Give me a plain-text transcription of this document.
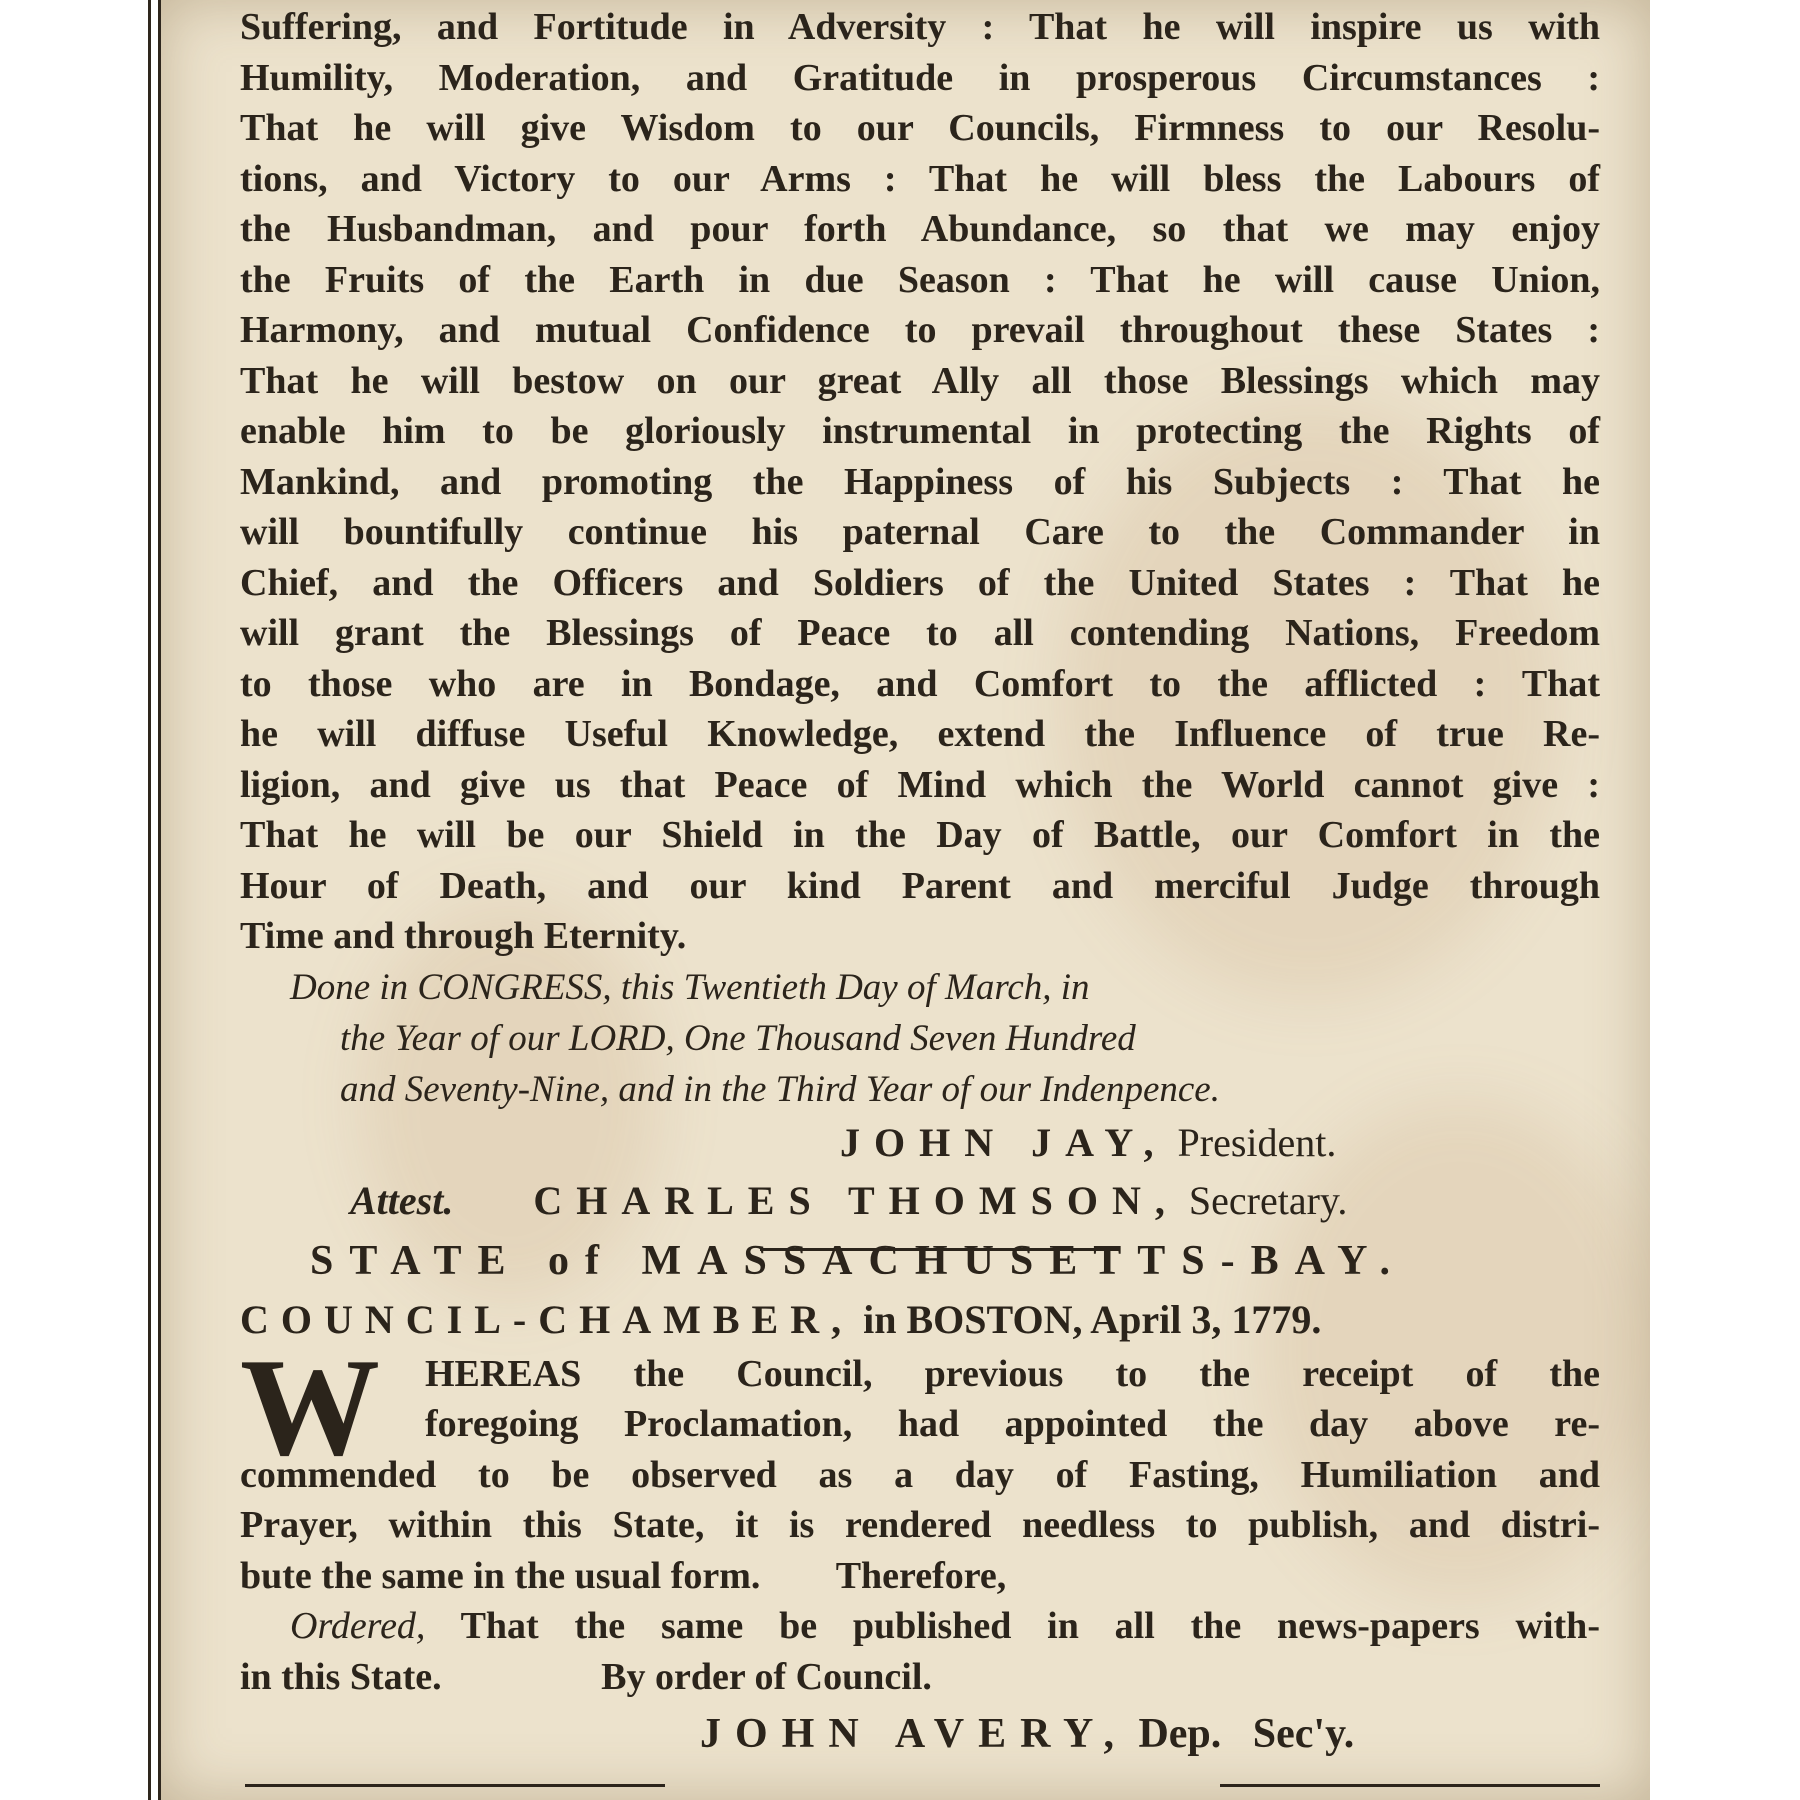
Suffering, and Fortitude in Adversity : That he will inspire us with
Humility, Moderation, and Gratitude in prosperous Circumstances :
That he will give Wisdom to our Councils, Firmness to our Resolu-
tions, and Victory to our Arms : That he will bless the Labours of
the Husbandman, and pour forth Abundance, so that we may enjoy
the Fruits of the Earth in due Season : That he will cause Union,
Harmony, and mutual Confidence to prevail throughout these States :
That he will bestow on our great Ally all those Blessings which may
enable him to be gloriously instrumental in protecting the Rights of
Mankind, and promoting the Happiness of his Subjects : That he
will bountifully continue his paternal Care to the Commander in
Chief, and the Officers and Soldiers of the United States : That he
will grant the Blessings of Peace to all contending Nations, Freedom
to those who are in Bondage, and Comfort to the afflicted : That
he will diffuse Useful Knowledge, extend the Influence of true Re-
ligion, and give us that Peace of Mind which the World cannot give :
That he will be our Shield in the Day of Battle, our Comfort in the
Hour of Death, and our kind Parent and merciful Judge through
Time and through Eternity.
Done in CONGRESS, this Twentieth Day of March, in
the Year of our LORD, One Thousand Seven Hundred
and Seventy-Nine, and in the Third Year of our Indenpence.
JOHN JAY, President.
Attest. CHARLES THOMSON, Secretary.
STATE of MASSACHUSETTS-BAY.
COUNCIL-CHAMBER, in BOSTON, April 3, 1779.
W	HEREAS the Council, previous to the receipt of the
foregoing Proclamation, had appointed the day above re-
commended to be observed as a day of Fasting, Humiliation and
Prayer, within this State, it is rendered needless to publish, and distri-
bute the same in the usual form.        Therefore,
Ordered, That the same be published in all the news-papers with-
in this State.	By order of Council.
JOHN AVERY, Dep.   Sec'y.
